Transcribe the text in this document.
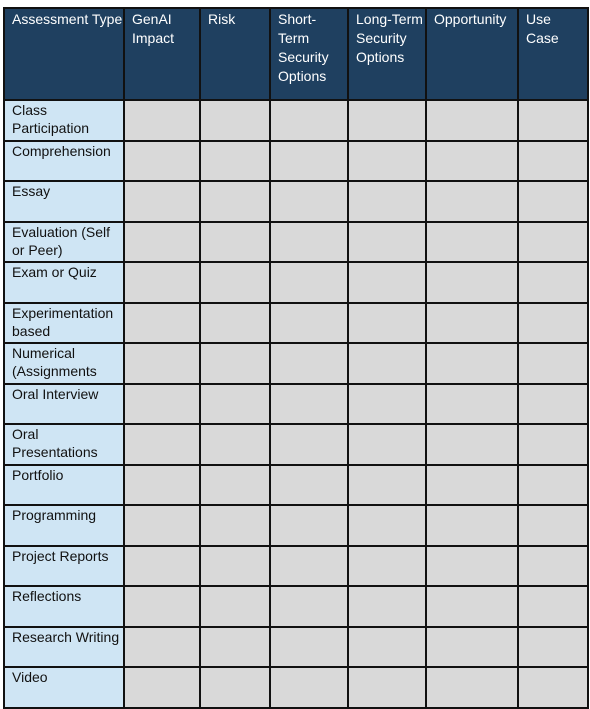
Assessment Type	GenAI Impact	Risk	Short-Term Security Options	Long-Term Security Options	Opportunity	Use Case

Class Participation						

Comprehension						

Essay						

Evaluation (Self or Peer)						

Exam or Quiz						

Experimentation based						

Numerical (Assignments						

Oral Interview						

Oral Presentations						

Portfolio						

Programming						

Project Reports						

Reflections						

Research Writing						

Video						
